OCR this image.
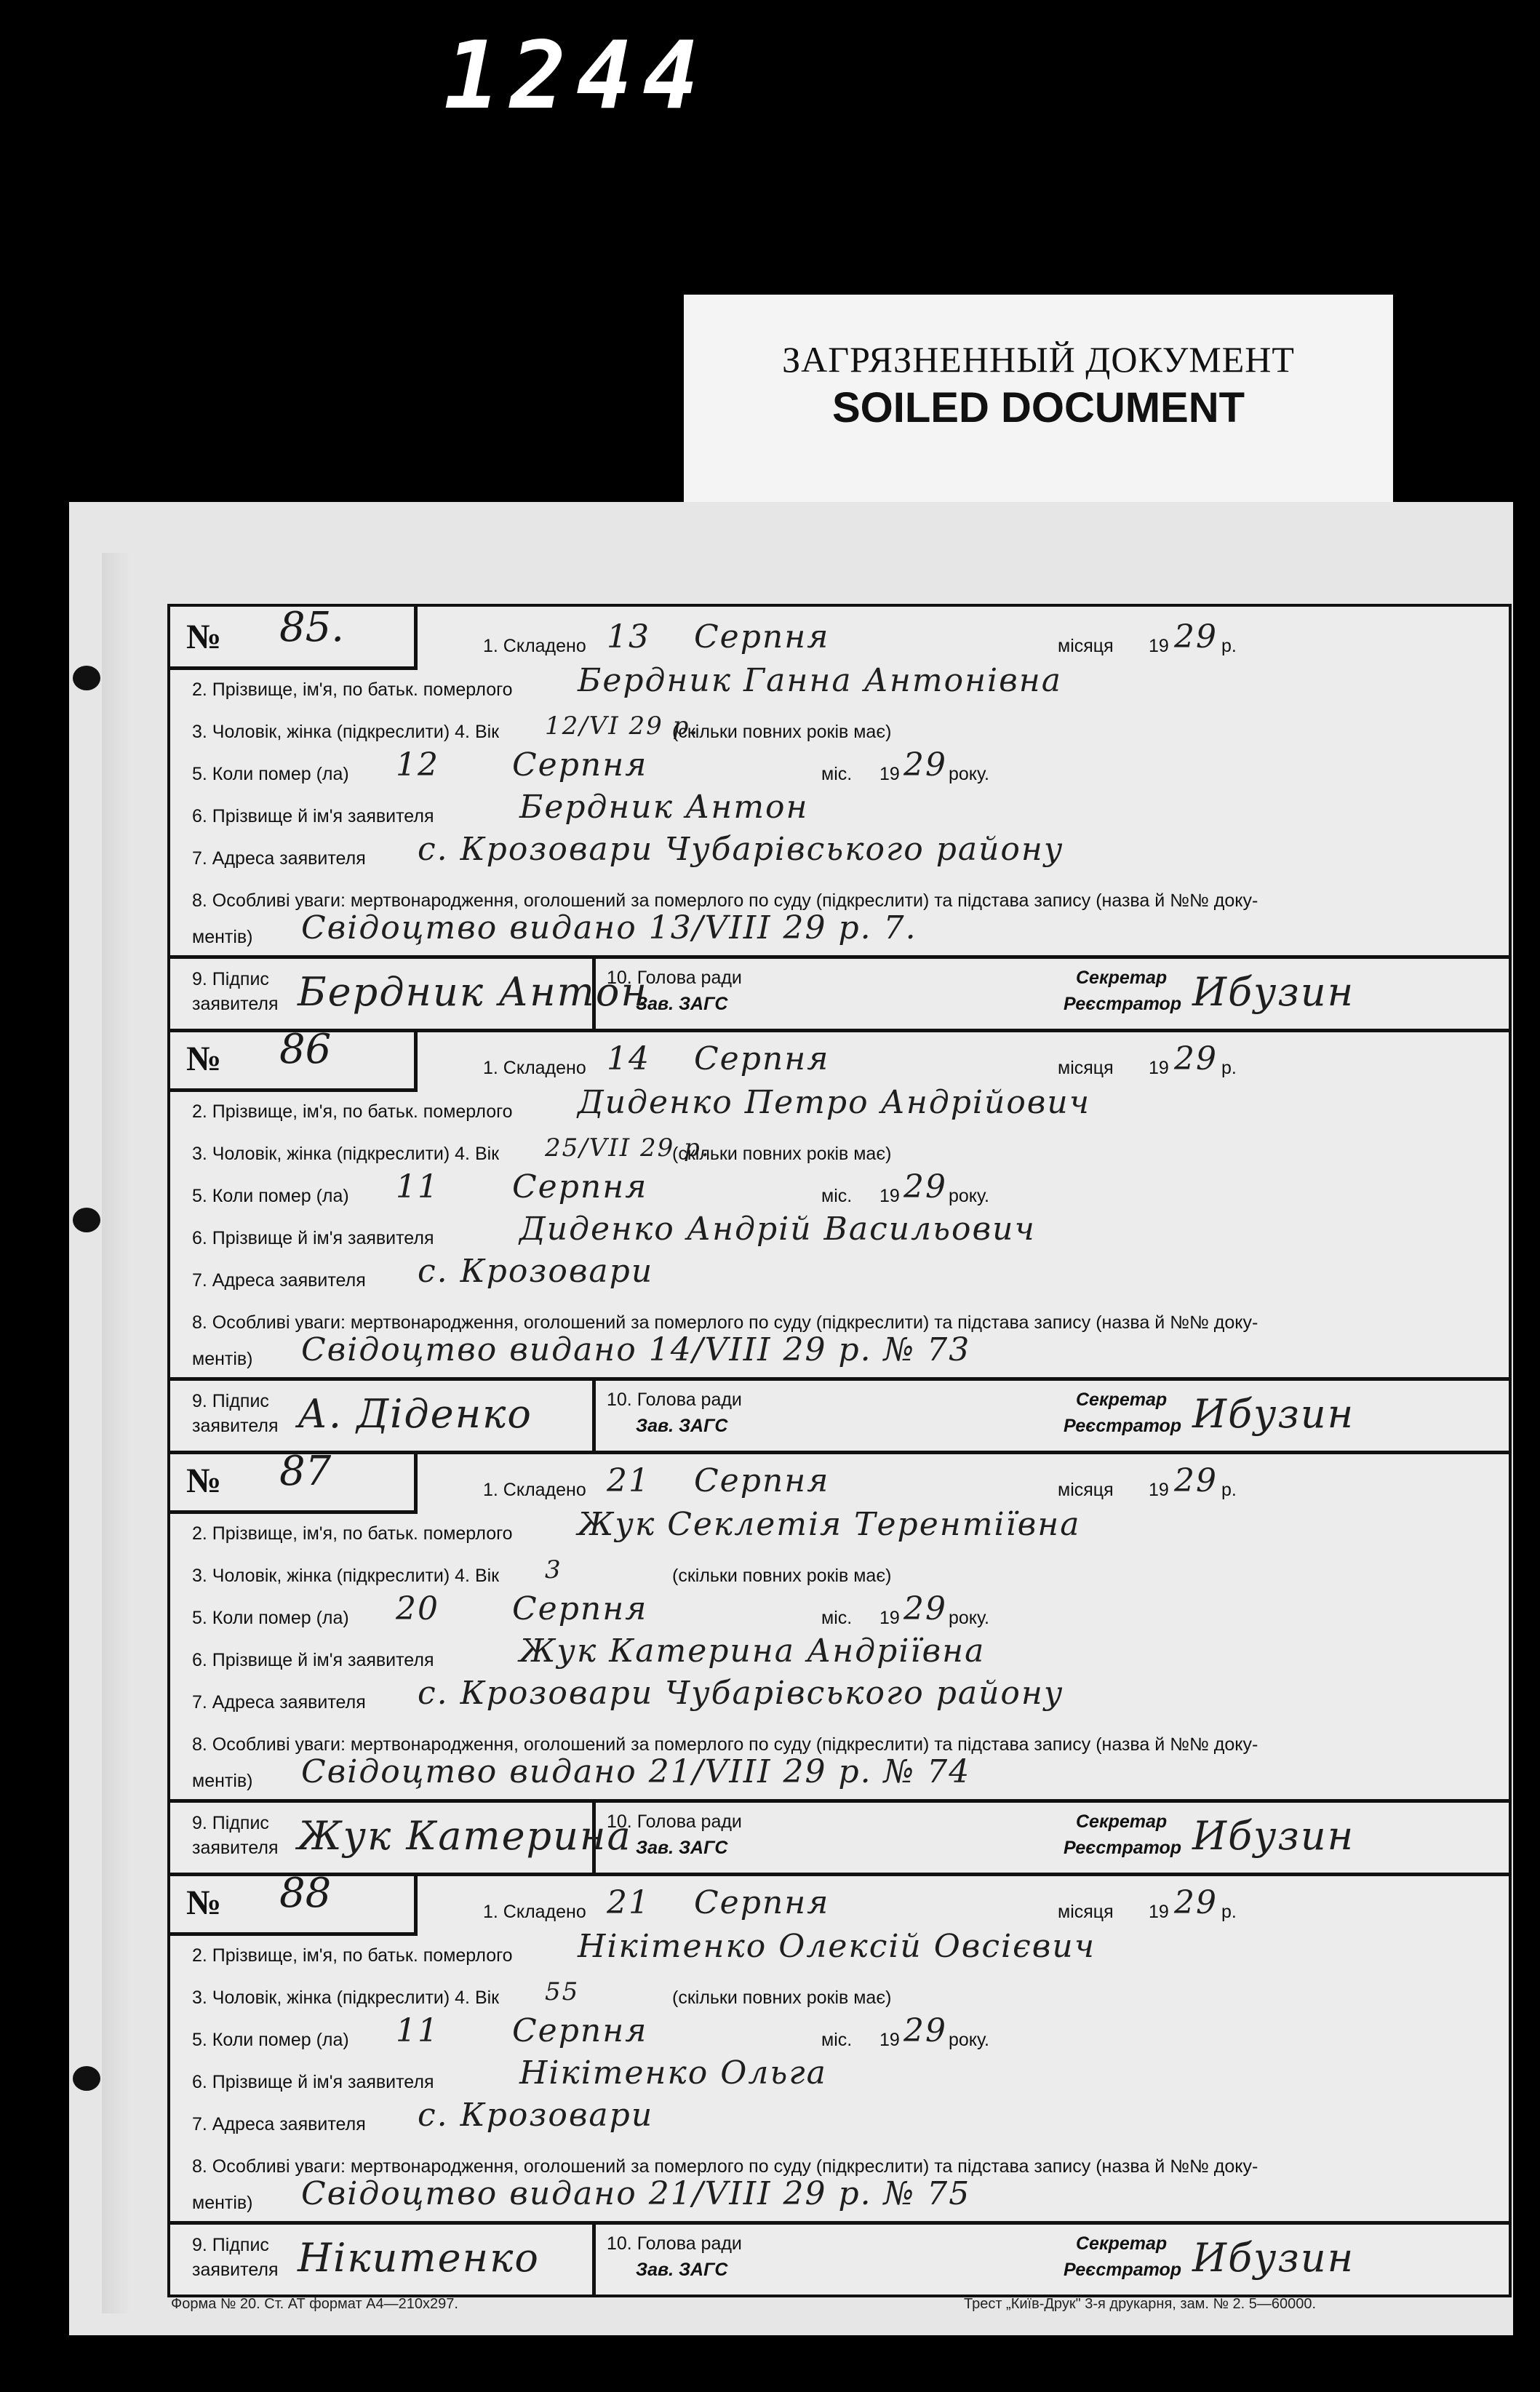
1244
ЗАГРЯЗНЕННЫЙ ДОКУМЕНТ
SOILED DOCUMENT
№ 85.	1. Складено 13 Серпня	місяця 19 29 р.
2. Прізвище, ім'я, по батьк. померлого Бердник Ганна Антонівна
3. Чоловік, жінка (підкреслити) 4. Вік 12/VI 29 р.
(скільки повних років має)
5. Коли помер (ла) 12 Серпня	міс. 19 29 року.
6. Прізвище й ім'я заявителя	Бердник Антон
7. Адреса заявителя с. Крозовари Чубарівського району
8. Особливі уваги: мертвонародження, оголошений за померлого по суду (підкреслити) та підстава запису (назва й №№ доку-
ментів) Свідоцтво видано 13/VIII 29 р. 7.
9. Підпис
заявителя Бердник Антон
10. Голова ради
Зав. ЗАГС
Секретар
Реєстратор Ибузин
№ 86	1. Складено 14 Серпня	місяця 19 29 р.
2. Прізвище, ім'я, по батьк. померлого Диденко Петро Андрійович
3. Чоловік, жінка (підкреслити) 4. Вік 25/VII 29 р.
(скільки повних років має)
5. Коли помер (ла) 11 Серпня	міс. 19 29 року.
6. Прізвище й ім'я заявителя	Диденко Андрій Васильович
7. Адреса заявителя с. Крозовари
8. Особливі уваги: мертвонародження, оголошений за померлого по суду (підкреслити) та підстава запису (назва й №№ доку-
ментів) Свідоцтво видано 14/VIII 29 р. № 73
9. Підпис
заявителя А. Діденко	10. Голова ради
Зав. ЗАГС
Секретар
Реєстратор Ибузин
№ 87	1. Складено 21 Серпня	місяця 19 29 р.
2. Прізвище, ім'я, по батьк. померлого Жук Секлетія Терентіївна
3. Чоловік, жінка (підкреслити) 4. Вік 3	(скільки повних років має)
5. Коли помер (ла) 20 Серпня	міс. 19 29 року.
6. Прізвище й ім'я заявителя	Жук Катерина Андріївна
7. Адреса заявителя с. Крозовари Чубарівського району
8. Особливі уваги: мертвонародження, оголошений за померлого по суду (підкреслити) та підстава запису (назва й №№ доку-
ментів) Свідоцтво видано 21/VIII 29 р. № 74
9. Підпис
заявителя Жук Катерина
10. Голова ради
Зав. ЗАГС
Секретар
Реєстратор Ибузин
№ 88	1. Складено 21 Серпня	місяця 19 29 р.
2. Прізвище, ім'я, по батьк. померлого Нікітенко Олексій Овсієвич
3. Чоловік, жінка (підкреслити) 4. Вік 55	(скільки повних років має)
5. Коли помер (ла) 11 Серпня	міс. 19 29 року.
6. Прізвище й ім'я заявителя	Нікітенко Ольга
7. Адреса заявителя с. Крозовари
8. Особливі уваги: мертвонародження, оголошений за померлого по суду (підкреслити) та підстава запису (назва й №№ доку-
ментів) Свідоцтво видано 21/VIII 29 р. № 75
9. Підпис
заявителя Нікитенко	10. Голова ради
Зав. ЗАГС
Секретар
Реєстратор Ибузин
Форма № 20. Ст. АТ формат А4—210х297.	Трест „Київ-Друк" 3-я друкарня, зам. № 2. 5—60000.
